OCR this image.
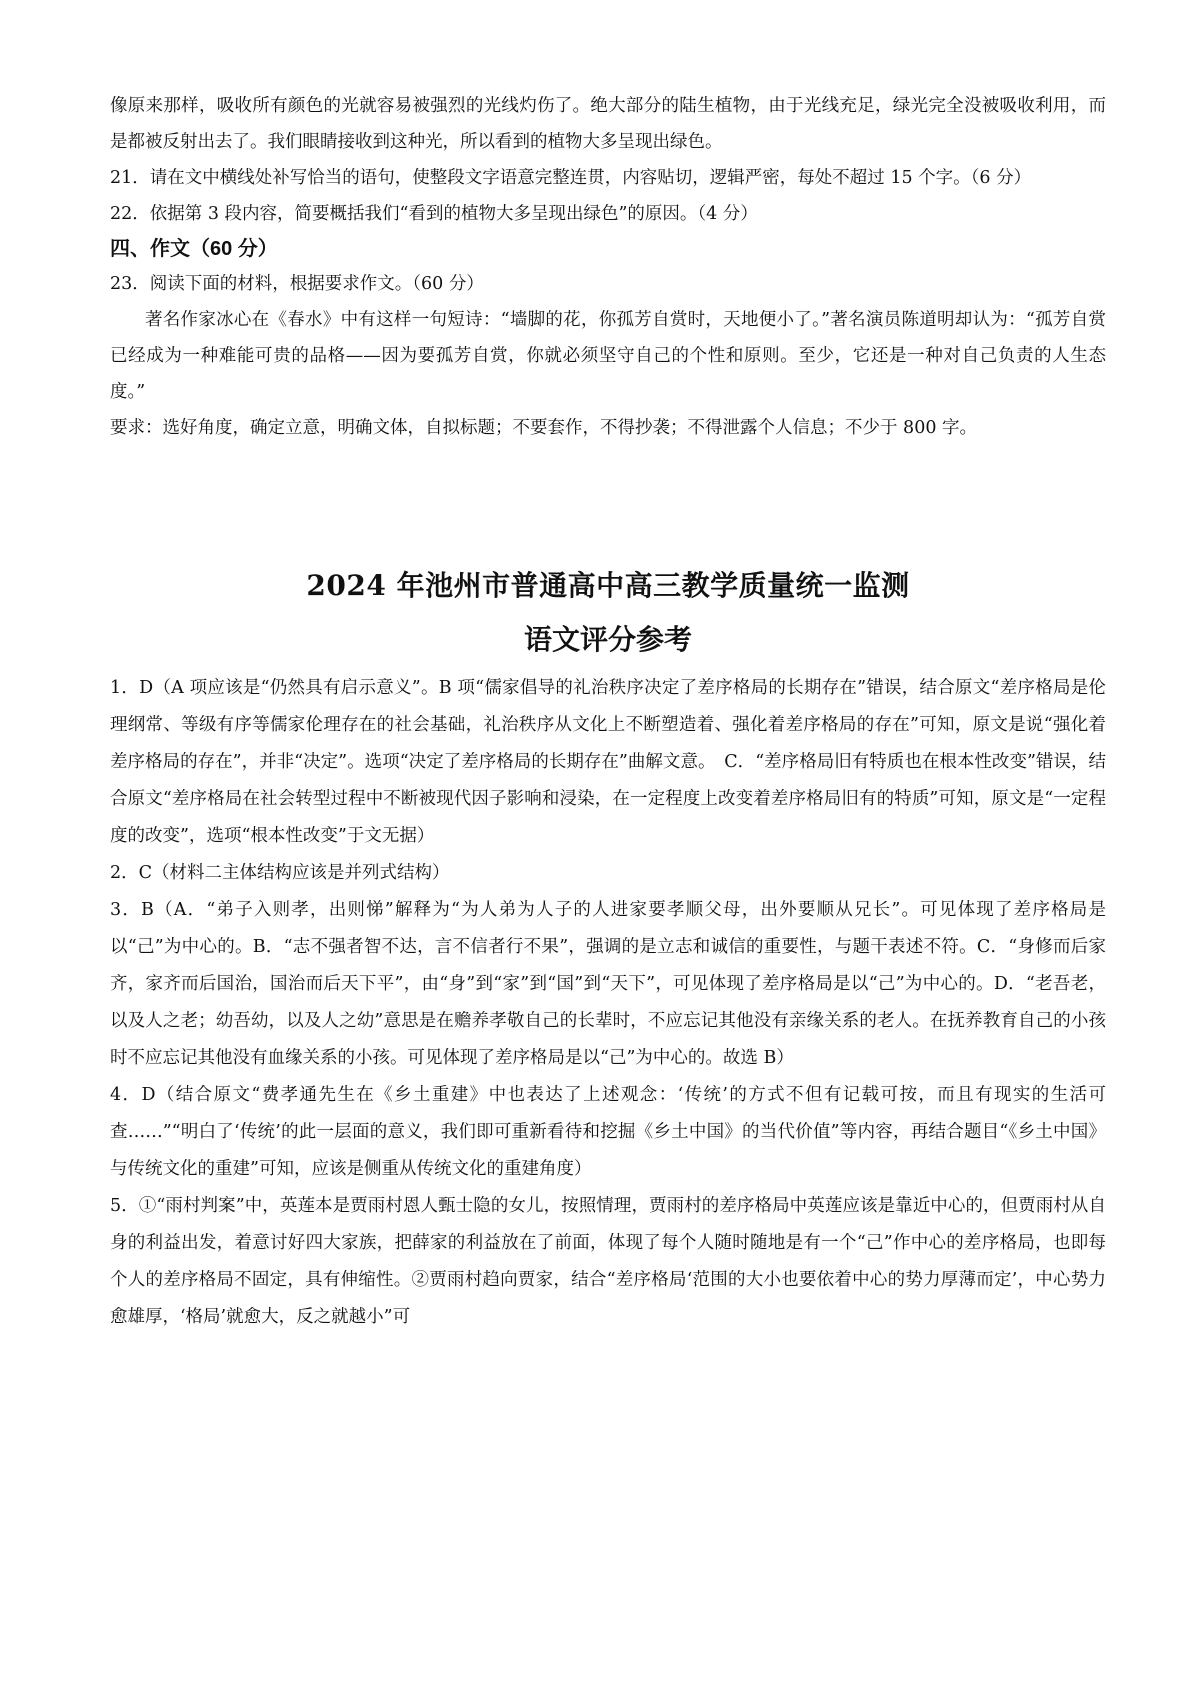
像原来那样，吸收所有颜色的光就容易被强烈的光线灼伤了。绝大部分的陆生植物，由于光线充足，绿光完全没被吸收利用，而是都被反射出去了。我们眼睛接收到这种光，所以看到的植物大多呈现出绿色。

21．请在文中横线处补写恰当的语句，使整段文字语意完整连贯，内容贴切，逻辑严密，每处不超过 15 个字。（6 分）

22．依据第 3 段内容，简要概括我们“看到的植物大多呈现出绿色”的原因。（4 分）

四、作文（60 分）

23．阅读下面的材料，根据要求作文。（60 分）

著名作家冰心在《春水》中有这样一句短诗：“墙脚的花，你孤芳自赏时，天地便小了。”著名演员陈道明却认为：“孤芳自赏已经成为一种难能可贵的品格——因为要孤芳自赏，你就必须坚守自己的个性和原则。至少，它还是一种对自己负责的人生态度。”

要求：选好角度，确定立意，明确文体，自拟标题；不要套作，不得抄袭；不得泄露个人信息；不少于 800 字。

2024 年池州市普通高中高三教学质量统一监测
语文评分参考

1．D（A 项应该是“仍然具有启示意义”。B 项“儒家倡导的礼治秩序决定了差序格局的长期存在”错误，结合原文“差序格局是伦理纲常、等级有序等儒家伦理存在的社会基础，礼治秩序从文化上不断塑造着、强化着差序格局的存在”可知，原文是说“强化着差序格局的存在”，并非“决定”。选项“决定了差序格局的长期存在”曲解文意。　C．“差序格局旧有特质也在根本性改变”错误，结合原文“差序格局在社会转型过程中不断被现代因子影响和浸染，在一定程度上改变着差序格局旧有的特质”可知，原文是“一定程度的改变”，选项“根本性改变”于文无据）

2．C（材料二主体结构应该是并列式结构）

3．B（A．“弟子入则孝，出则悌”解释为“为人弟为人子的人进家要孝顺父母，出外要顺从兄长”。可见体现了差序格局是以“己”为中心的。B．“志不强者智不达，言不信者行不果”，强调的是立志和诚信的重要性，与题干表述不符。C．“身修而后家齐，家齐而后国治，国治而后天下平”，由“身”到“家”到“国”到“天下”，可见体现了差序格局是以“己”为中心的。D．“老吾老，以及人之老；幼吾幼，以及人之幼”意思是在赡养孝敬自己的长辈时，不应忘记其他没有亲缘关系的老人。在抚养教育自己的小孩时不应忘记其他没有血缘关系的小孩。可见体现了差序格局是以“己”为中心的。故选 B）

4．D（结合原文“费孝通先生在《乡土重建》中也表达了上述观念：‘传统’的方式不但有记载可按，而且有现实的生活可查……”“明白了‘传统’的此一层面的意义，我们即可重新看待和挖掘《乡土中国》的当代价值”等内容，再结合题目“《乡土中国》与传统文化的重建”可知，应该是侧重从传统文化的重建角度）

5．①“雨村判案”中，英莲本是贾雨村恩人甄士隐的女儿，按照情理，贾雨村的差序格局中英莲应该是靠近中心的，但贾雨村从自身的利益出发，着意讨好四大家族，把薛家的利益放在了前面，体现了每个人随时随地是有一个“己”作中心的差序格局，也即每个人的差序格局不固定，具有伸缩性。②贾雨村趋向贾家，结合“差序格局‘范围的大小也要依着中心的势力厚薄而定’，中心势力愈雄厚，‘格局’就愈大，反之就越小”可
